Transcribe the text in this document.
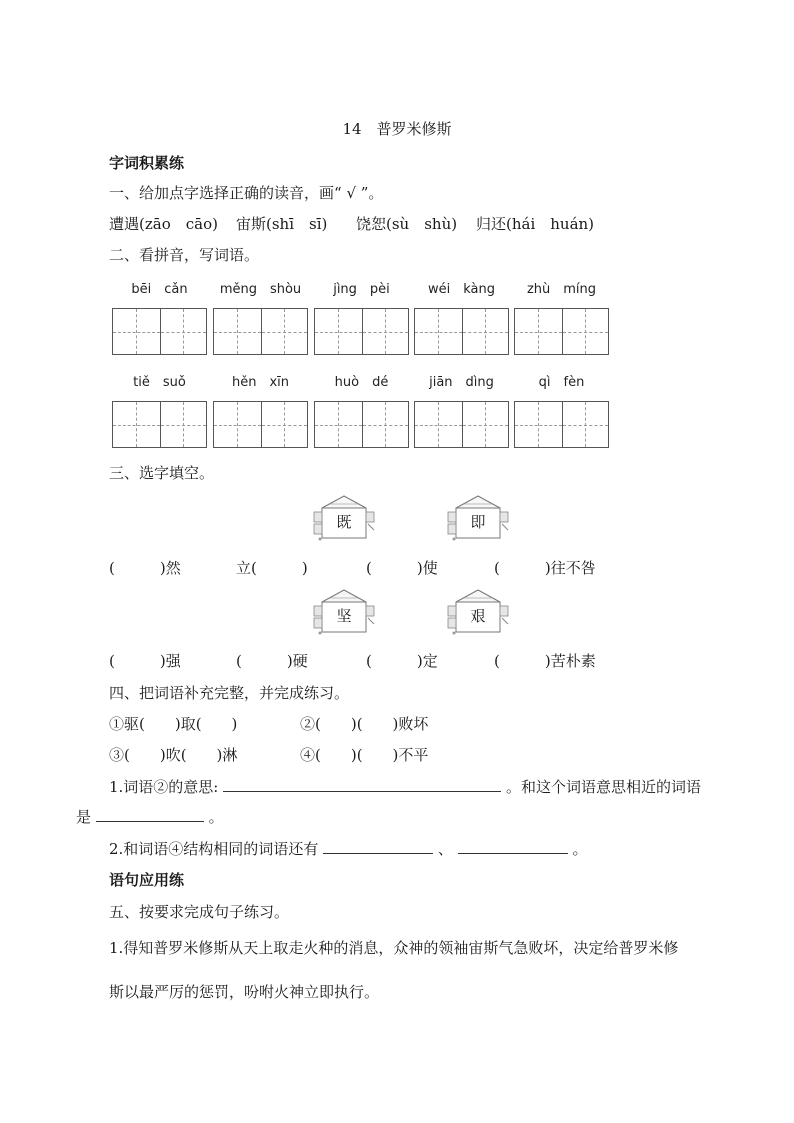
14　普罗米修斯
字词积累练
一、给加点字选择正确的读音，画“ √ ”。
遭遇(zāo　cāo) 宙斯(shī　sī) 饶恕(sù　shù) 归还(hái　huán)
二、看拼音，写词语。
bēi　cǎn	měng　shòu	jìng　pèi	wéi　kàng	zhù　míng
tiě　suǒ	hěn　xīn	huò　dé	jiān　dìng	qì　fèn
三、选字填空。
既	即
(　　　)然	立(　　　)	(　　　)使	(　　　)往不咎
坚	艰
(　　　)强	(　　　)硬	(　　　)定	(　　　)苦朴素
四、把词语补充完整，并完成练习。
①驱(　　)取(　　)	②(　　)(　　)败坏
③(　　)吹(　　)淋	④(　　)(　　)不平
1.词语②的意思:	。和这个词语意思相近的词语
是	。
2.和词语④结构相同的词语还有	、	。
语句应用练
五、按要求完成句子练习。
1.得知普罗米修斯从天上取走火种的消息，众神的领袖宙斯气急败坏，决定给普罗米修
斯以最严厉的惩罚，吩咐火神立即执行。
